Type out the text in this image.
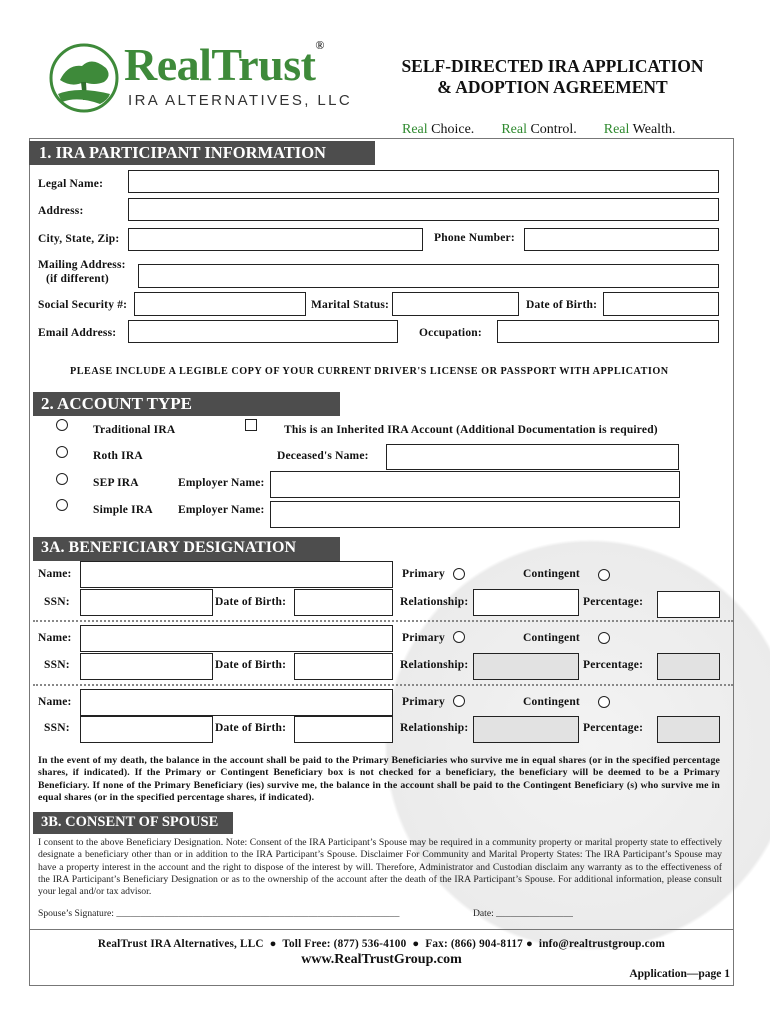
RealTrust®
IRA ALTERNATIVES, LLC
SELF-DIRECTED IRA APPLICATION
& ADOPTION AGREEMENT
Real Choice. Real Control. Real Wealth.
1. IRA PARTICIPANT INFORMATION
Legal Name:
Address:
City, State, Zip:	Phone Number:
Mailing Address:
(if different)
Social Security #:	Marital Status:	Date of Birth:
Email Address:	Occupation:
PLEASE INCLUDE A LEGIBLE COPY OF YOUR CURRENT DRIVER'S LICENSE OR PASSPORT WITH APPLICATION
2. ACCOUNT TYPE
Traditional IRA	This is an Inherited IRA Account (Additional Documentation is required)
Roth IRA	Deceased's Name:
SEP IRA	Employer Name:
Simple IRA Employer Name:
3A. BENEFICIARY DESIGNATION
Name:	Primary	Contingent
SSN:	Date of Birth:	Relationship:	Percentage:
Name:	Primary	Contingent
SSN:	Date of Birth:	Relationship:	Percentage:
Name:	Primary	Contingent
SSN:	Date of Birth:	Relationship:	Percentage:
In the event of my death, the balance in the account shall be paid to the Primary Beneficiaries who survive me in equal shares (or in the specified percentage shares, if indicated). If the Primary or Contingent Beneficiary box is not checked for a beneficiary, the beneficiary will be deemed to be a Primary Beneficiary. If none of the Primary Beneficiary (ies) survive me, the balance in the account shall be paid to the Contingent Beneficiary (s) who survive me in equal shares (or in the specified percentage shares, if indicated).
3B. CONSENT OF SPOUSE
I consent to the above Beneficiary Designation. Note: Consent of the IRA Participant’s Spouse may be required in a community property or marital property state to effectively designate a beneficiary other than or in addition to the IRA Participant’s Spouse. Disclaimer For Community and Marital Property States: The IRA Participant’s Spouse may have a property interest in the account and the right to dispose of the interest by will. Therefore, Administrator and Custodian disclaim any warranty as to the effectiveness of the IRA Participant’s Beneficiary Designation or as to the ownership of the account after the death of the IRA Participant’s Spouse. For additional information, please consult your legal and/or tax advisor.
Spouse’s Signature: ___________________________________________________________	Date: ________________
RealTrust IRA Alternatives, LLC  ●  Toll Free: (877) 536-4100  ●  Fax: (866) 904-8117 ●  info@realtrustgroup.com
www.RealTrustGroup.com
Application—page 1
